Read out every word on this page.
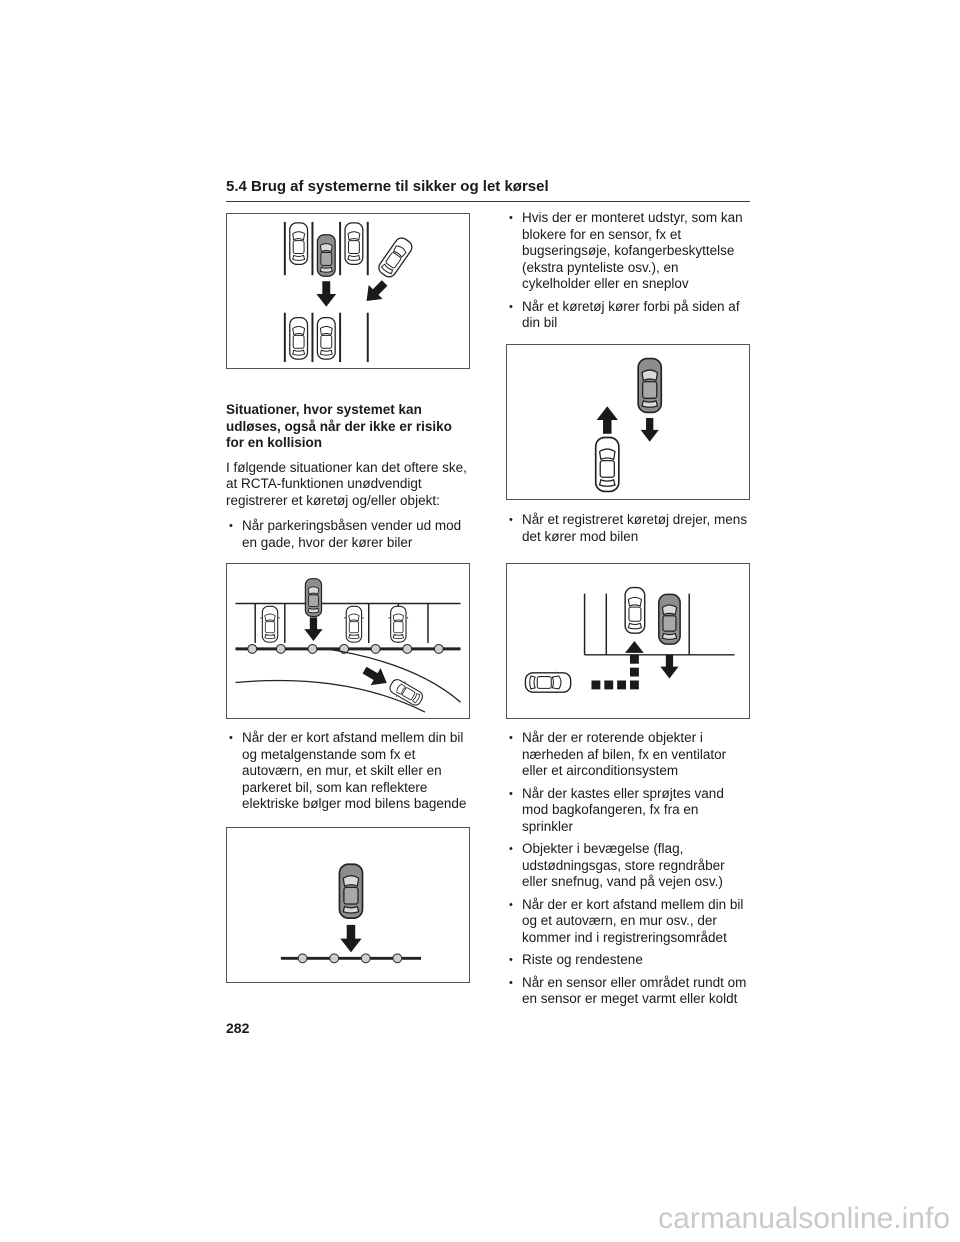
5.4 Brug af systemerne til sikker og let kørsel
Situationer, hvor systemet kan udløses, også når der ikke er risiko for en kollision
I følgende situationer kan det oftere ske, at RCTA-funktionen unødvendigt registrerer et køretøj og/eller objekt:
• Når parkeringsbåsen vender ud mod en gade, hvor der kører biler
• Når der er kort afstand mellem din bil og metalgenstande som fx et autoværn, en mur, et skilt eller en parkeret bil, som kan reflektere elektriske bølger mod bilens bagende
• Hvis der er monteret udstyr, som kan blokere for en sensor, fx et bugseringsøje, kofangerbeskyttelse (ekstra pynteliste osv.), en cykelholder eller en sneplov
• Når et køretøj kører forbi på siden af din bil
• Når et registreret køretøj drejer, mens det kører mod bilen
• Når der er roterende objekter i nærheden af bilen, fx en ventilator eller et airconditionsystem
• Når der kastes eller sprøjtes vand mod bagkofangeren, fx fra en sprinkler
• Objekter i bevægelse (flag, udstødningsgas, store regndråber eller snefnug, vand på vejen osv.)
• Når der er kort afstand mellem din bil og et autoværn, en mur osv., der kommer ind i registreringsområdet
• Riste og rendestene
• Når en sensor eller området rundt om en sensor er meget varmt eller koldt
282
carmanualsonline.info
